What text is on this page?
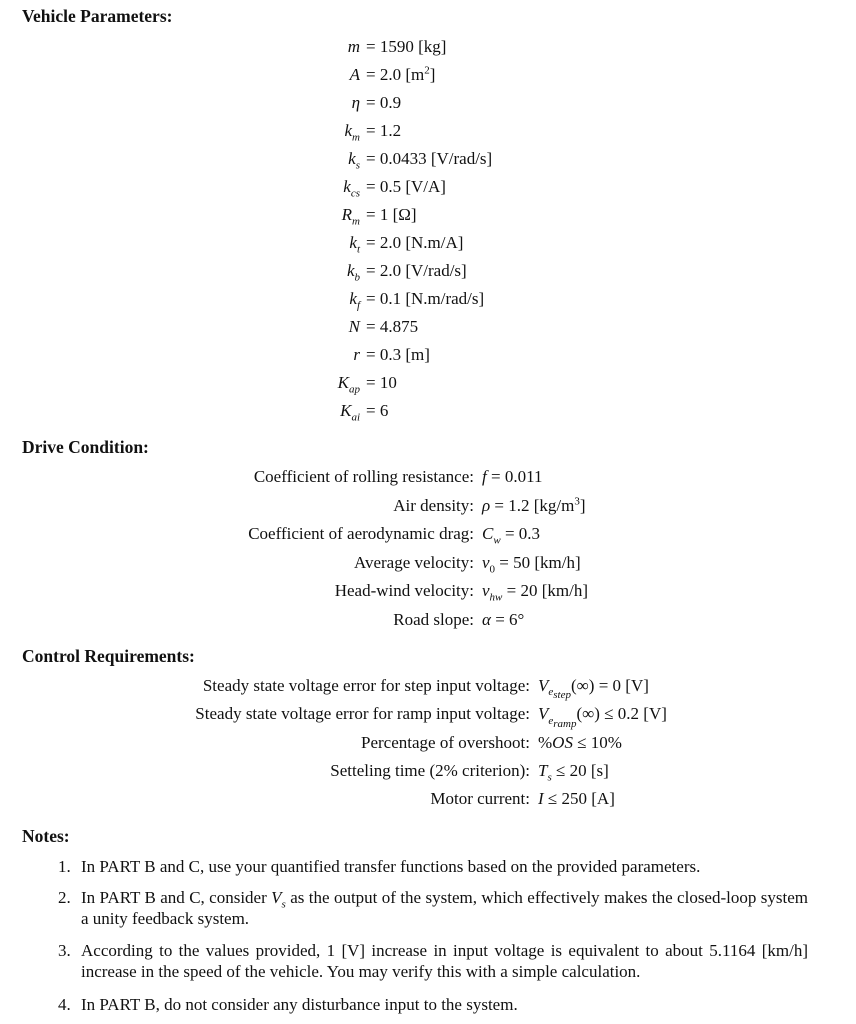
Vehicle Parameters:
m = 1590 [kg]
A = 2.0 $[m^2]$
η = 0.9
$k_m = 1.2$
$k_s = 0.0433$ [V/rad/s]
$k_{cs} = 0.5$ [V/A]
$R_m = 1$ [Ω]
$k_t = 2.0$ [N.m/A]
$k_b = 2.0$ [V/rad/s]
$k_f = 0.1$ [N.m/rad/s]
N = 4.875
r = 0.3 [m]
$K_{ap} = 10$
$K_{ai} = 6$
Drive Condition:
Coefficient of rolling resistance: f = 0.011
Air density: ρ = 1.2 $[kg/m^3]$
Coefficient of aerodynamic drag: $C_w = 0.3$
Average velocity: $v_0 = 50$ [km/h]
Head-wind velocity: $v_{hw} = 20$ [km/h]
Road slope: α = 6°
Control Requirements:
Steady state voltage error for step input voltage: $V_{e_{step}}(\infty) = 0$ [V]
Steady state voltage error for ramp input voltage: $V_{e_{ramp}}(\infty) \le 0.2$ [V]
Percentage of overshoot: %OS ≤ 10%
Setteling time (2% criterion): $T_s \le 20$ [s]
Motor current: I ≤ 250 [A]
Notes:
1. In PART B and C, use your quantified transfer functions based on the provided parameters.
2. In PART B and C, consider $V_s$ as the output of the system, which effectively makes the closed-loop system a unity feedback system.
3. According to the values provided, 1 [V] increase in input voltage is equivalent to about 5.1164 [km/h] increase in the speed of the vehicle. You may verify this with a simple calculation.
4. In PART B, do not consider any disturbance input to the system.
